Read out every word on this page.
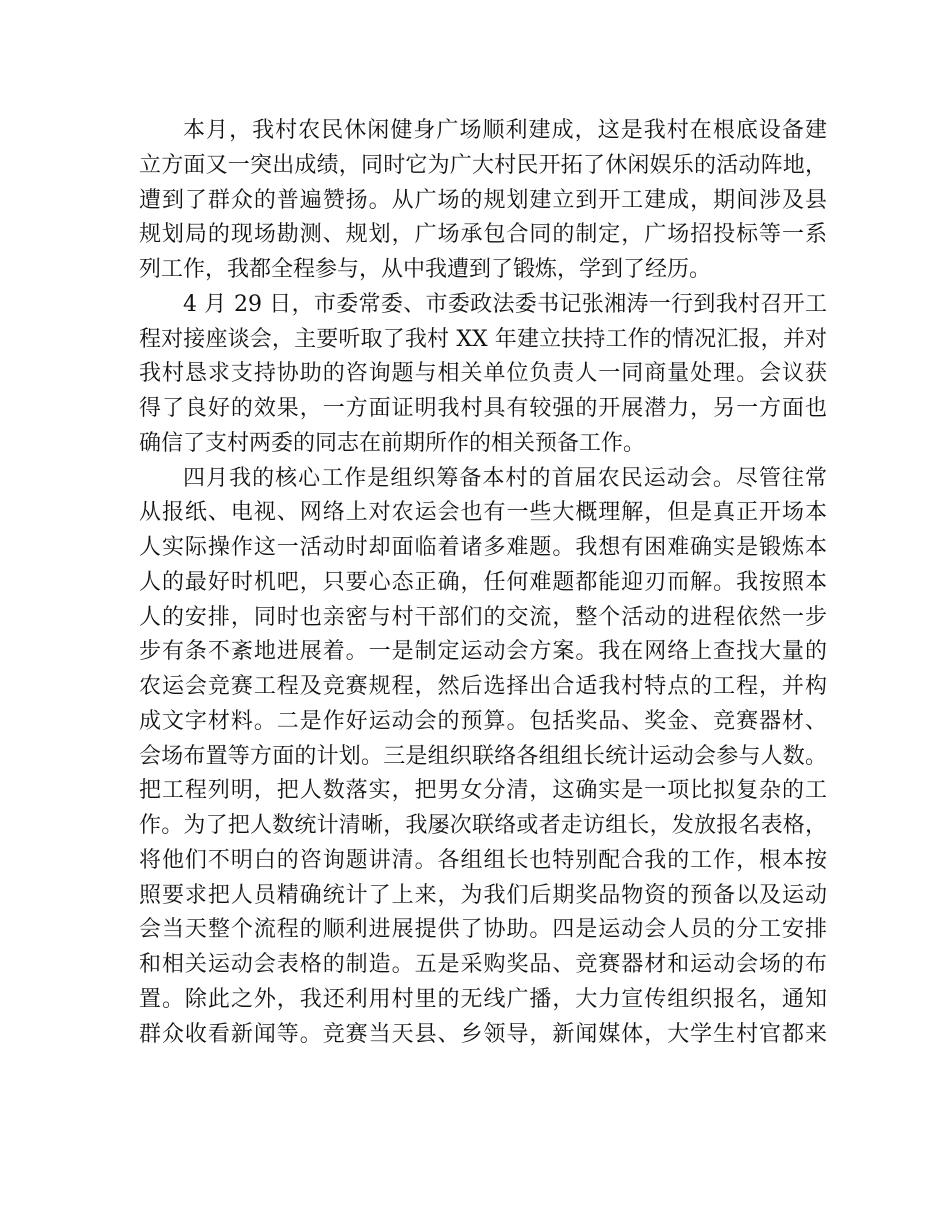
本月，我村农民休闲健身广场顺利建成，这是我村在根底设备建
立方面又一突出成绩，同时它为广大村民开拓了休闲娱乐的活动阵地，
遭到了群众的普遍赞扬。从广场的规划建立到开工建成，期间涉及县
规划局的现场勘测、规划，广场承包合同的制定，广场招投标等一系
列工作，我都全程参与，从中我遭到了锻炼，学到了经历。
4 月 29 日，市委常委、市委政法委书记张湘涛一行到我村召开工
程对接座谈会，主要听取了我村 XX 年建立扶持工作的情况汇报，并对
我村恳求支持协助的咨询题与相关单位负责人一同商量处理。会议获
得了良好的效果，一方面证明我村具有较强的开展潜力，另一方面也
确信了支村两委的同志在前期所作的相关预备工作。
四月我的核心工作是组织筹备本村的首届农民运动会。尽管往常
从报纸、电视、网络上对农运会也有一些大概理解，但是真正开场本
人实际操作这一活动时却面临着诸多难题。我想有困难确实是锻炼本
人的最好时机吧，只要心态正确，任何难题都能迎刃而解。我按照本
人的安排，同时也亲密与村干部们的交流，整个活动的进程依然一步
步有条不紊地进展着。一是制定运动会方案。我在网络上查找大量的
农运会竞赛工程及竞赛规程，然后选择出合适我村特点的工程，并构
成文字材料。二是作好运动会的预算。包括奖品、奖金、竞赛器材、
会场布置等方面的计划。三是组织联络各组组长统计运动会参与人数。
把工程列明，把人数落实，把男女分清，这确实是一项比拟复杂的工
作。为了把人数统计清晰，我屡次联络或者走访组长，发放报名表格，
将他们不明白的咨询题讲清。各组组长也特别配合我的工作，根本按
照要求把人员精确统计了上来，为我们后期奖品物资的预备以及运动
会当天整个流程的顺利进展提供了协助。四是运动会人员的分工安排
和相关运动会表格的制造。五是采购奖品、竞赛器材和运动会场的布
置。除此之外，我还利用村里的无线广播，大力宣传组织报名，通知
群众收看新闻等。竞赛当天县、乡领导，新闻媒体，大学生村官都来
